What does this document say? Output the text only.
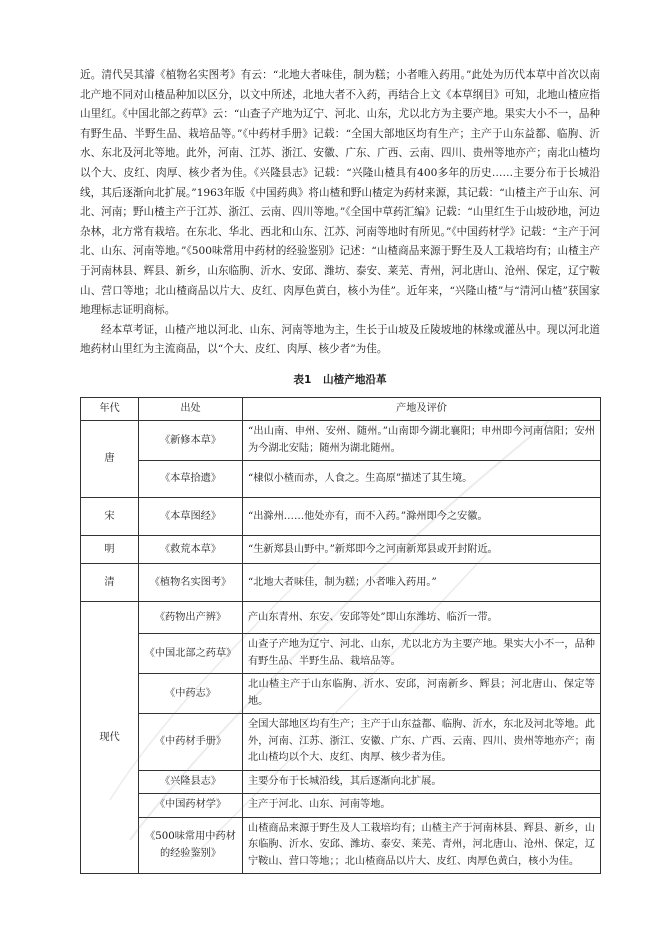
近。清代吴其濬《植物名实图考》有云：“北地大者味佳，制为糕；小者唯入药用。”此处为历代本草中首次以南北产地不同对山楂品种加以区分，以文中所述，北地大者不入药，再结合上文《本草纲目》可知，北地山楂应指山里红。《中国北部之药草》云：“山查子产地为辽宁、河北、山东，尤以北方为主要产地。果实大小不一，品种有野生品、半野生品、栽培品等。”《中药材手册》记载：“全国大部地区均有生产；主产于山东益都、临朐、沂水、东北及河北等地。此外，河南、江苏、浙江、安徽、广东、广西、云南、四川、贵州等地亦产；南北山楂均以个大、皮红、肉厚、核少者为佳。《兴隆县志》记载：“兴隆山楂具有400多年的历史……主要分布于长城沿线，其后逐渐向北扩展。”1963年版《中国药典》将山楂和野山楂定为药材来源，其记载：“山楂主产于山东、河北、河南；野山楂主产于江苏、浙江、云南、四川等地。”《全国中草药汇编》记载：“山里红生于山坡砂地，河边杂林，北方常有栽培。在东北、华北、西北和山东、江苏、河南等地时有所见。”《中国药材学》记载：“主产于河北、山东、河南等地。”《500味常用中药材的经验鉴别》记述：“山楂商品来源于野生及人工栽培均有；山楂主产于河南林县、辉县、新乡，山东临朐、沂水、安邱、潍坊、泰安、莱芜、青州，河北唐山、沧州、保定，辽宁鞍山、营口等地；北山楂商品以片大、皮红、肉厚色黄白，核小为佳”。近年来，“兴隆山楂”与“清河山楂”获国家地理标志证明商标。

经本草考证，山楂产地以河北、山东、河南等地为主，生长于山坡及丘陵坡地的林缘或灌丛中。现以河北道地药材山里红为主流商品，以“个大、皮红、肉厚、核少者”为佳。

表1 山楂产地沿革
年代	出处	产地及评价
唐	《新修本草》	“出山南、申州、安州、随州。”山南即今湖北襄阳；申州即今河南信阳；安州为今湖北安陆；随州为湖北随州。
	《本草拾遗》	“棣似小楂而赤，人食之。生高原”描述了其生境。
宋	《本草图经》	“出滁州……他处亦有，而不入药。”滁州即今之安徽。
明	《救荒本草》	“生新郑县山野中。”新郑即今之河南新郑县或开封附近。
清	《植物名实图考》	“北地大者味佳，制为糕；小者唯入药用。”
现代	《药物出产辨》	产山东青州、东安、安邱等处”即山东潍坊、临沂一带。
	《中国北部之药草》	山查子产地为辽宁、河北、山东，尤以北方为主要产地。果实大小不一，品种有野生品、半野生品、栽培品等。
	《中药志》	北山楂主产于山东临朐、沂水、安邱，河南新乡、辉县；河北唐山、保定等地。
	《中药材手册》	全国大部地区均有生产；主产于山东益都、临朐、沂水，东北及河北等地。此外，河南、江苏、浙江、安徽、广东、广西、云南、四川、贵州等地亦产；南北山楂均以个大、皮红、肉厚、核少者为佳。
	《兴隆县志》	主要分布于长城沿线，其后逐渐向北扩展。
	《中国药材学》	主产于河北、山东、河南等地。
	《500味常用中药材的经验鉴别》	山楂商品来源于野生及人工栽培均有；山楂主产于河南林县、辉县、新乡，山东临朐、沂水、安邱、潍坊、泰安、莱芜、青州，河北唐山、沧州、保定，辽宁鞍山、营口等地；；北山楂商品以片大、皮红、肉厚色黄白，核小为佳。
